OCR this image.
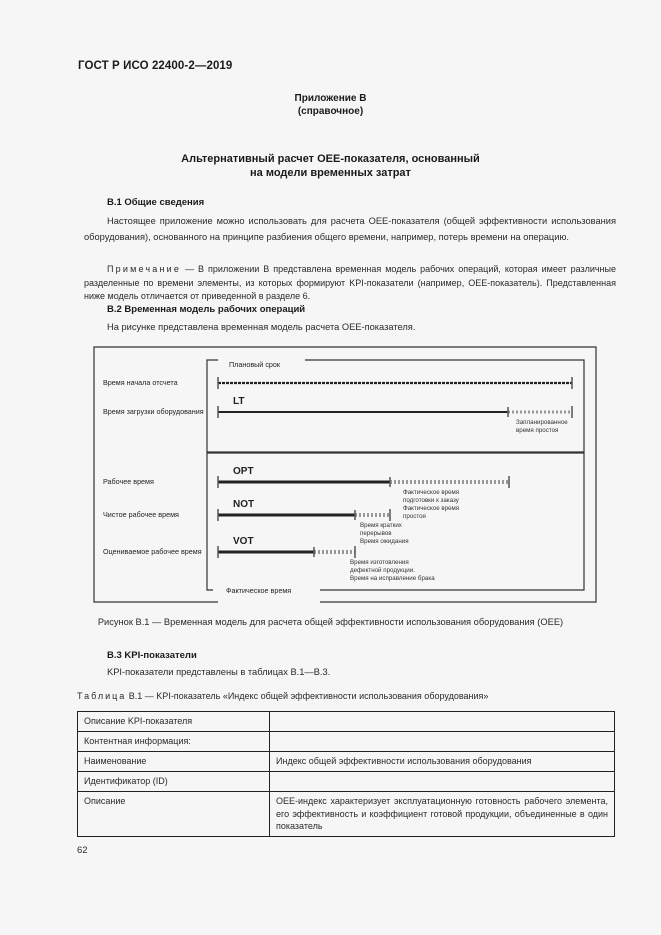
ГОСТ Р ИСО 22400-2—2019
Приложение В
(справочное)
Альтернативный расчет ОЕЕ-показателя, основанный
на модели временных затрат
В.1 Общие сведения
Настоящее приложение можно использовать для расчета ОЕЕ-показателя (общей эффективности использования оборудования), основанного на принципе разбиения общего времени, например, потерь времени на операцию.
Примечание — В приложении В представлена временная модель рабочих операций, которая имеет различные разделенные по времени элементы, из которых формируют KPI-показатели (например, ОЕЕ-показатель). Представленная ниже модель отличается от приведенной в разделе 6.
В.2 Временная модель рабочих операций
На рисунке представлена временная модель расчета ОЕЕ-показателя.
Плановый срок
Фактическое время
Время начала отсчета
Время загрузки оборудования
LT
Запланированное
время простоя
Рабочее время
OPT
Фактическое время
подготовки к заказу
Фактическое время
простоя
Чистое рабочее время
NOT
Время кратких
перерывов
Время ожидания
Оцениваемое рабочее время
VOT
Время изготовления
дефектной продукции.
Время на исправление брака
Рисунок В.1 — Временная модель для расчета общей эффективности использования оборудования (ОЕЕ)
В.3 KPI-показатели
KPI-показатели представлены в таблицах В.1—В.3.
Таблица В.1 — KPI-показатель «Индекс общей эффективности использования оборудования»
Описание KPI-показателя	
Контентная информация:	
Наименование	Индекс общей эффективности использования оборудования
Идентификатор (ID)	
Описание	ОЕЕ-индекс характеризует эксплуатационную готовность рабочего элемента, его эффективность и коэффициент готовой продукции, объединенные в один показатель
62
